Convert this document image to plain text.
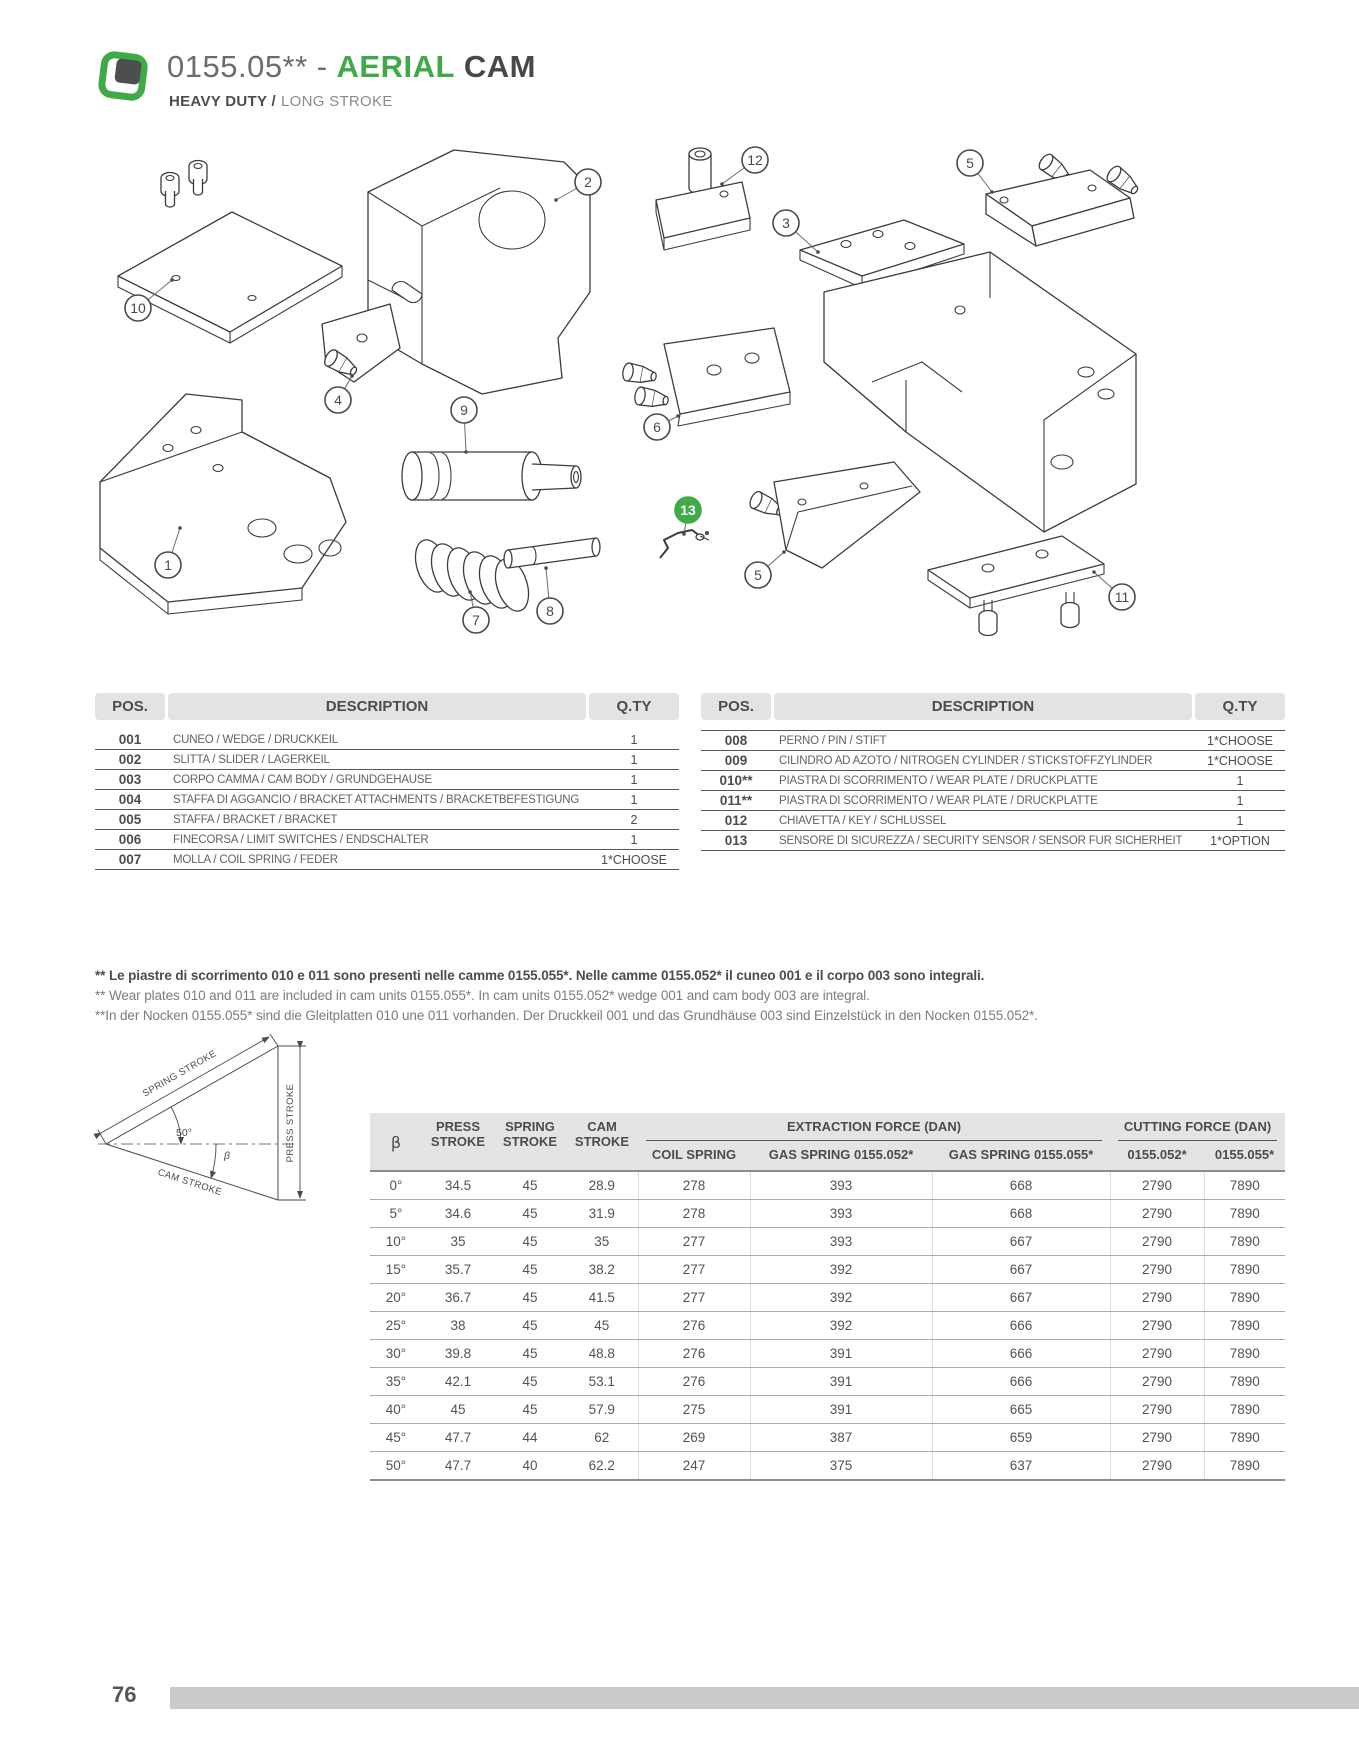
0155.05** - AERIAL CAM
HEAVY DUTY / LONG STROKE
10
1
4
2
9
7
8
12
3
5
6
13
5
11
POS.	DESCRIPTION	Q.TY
001	CUNEO / WEDGE / DRUCKKEIL	1
002	SLITTA / SLIDER / LAGERKEIL	1
003	CORPO CAMMA / CAM BODY / GRUNDGEHÄUSE	1
004	STAFFA DI AGGANCIO / BRACKET ATTACHMENTS / BRACKETBEFESTIGUNG	1
005	STAFFA / BRACKET / BRACKET	2
006	FINECORSA / LIMIT SWITCHES / ENDSCHALTER	1
007	MOLLA / COIL SPRING / FEDER	1*CHOOSE
POS.	DESCRIPTION	Q.TY
008	PERNO / PIN / STIFT	1*CHOOSE
009	CILINDRO AD AZOTO / NITROGEN CYLINDER / STICKSTOFFZYLINDER	1*CHOOSE
010**	PIASTRA DI SCORRIMENTO / WEAR PLATE / DRUCKPLATTE	1
011**	PIASTRA DI SCORRIMENTO / WEAR PLATE / DRUCKPLATTE	1
012	CHIAVETTA / KEY / SCHLÜSSEL	1
013	SENSORE DI SICUREZZA / SECURITY SENSOR / SENSOR FÜR SICHERHEIT	1*OPTION

** Le piastre di scorrimento 010 e 011 sono presenti nelle camme 0155.055*. Nelle camme 0155.052* il cuneo 001 e il corpo 003 sono integrali.

** Wear plates 010 and 011 are included in cam units 0155.055*. In cam units 0155.052* wedge 001 and cam body 003 are integral.

**In der Nocken 0155.055* sind die Gleitplatten 010 une 011 vorhanden. Der Druckkeil 001 und das Grundhäuse 003 sind Einzelstück in den Nocken 0155.052*.

SPRING STROKE
PRESS STROKE
CAM STROKE
50°
β
β	PRESS STROKE	SPRING STROKE	CAM STROKE	EXTRACTION FORCE (DAN)			CUTTING FORCE (DAN)	

				COIL SPRING	GAS SPRING 0155.052*	GAS SPRING 0155.055*	0155.052*	0155.055*
0°	34.5	45	28.9	278	393	668	2790	7890
5°	34.6	45	31.9	278	393	668	2790	7890
10°	35	45	35	277	393	667	2790	7890
15°	35.7	45	38.2	277	392	667	2790	7890
20°	36.7	45	41.5	277	392	667	2790	7890
25°	38	45	45	276	392	666	2790	7890
30°	39.8	45	48.8	276	391	666	2790	7890
35°	42.1	45	53.1	276	391	666	2790	7890
40°	45	45	57.9	275	391	665	2790	7890
45°	47.7	44	62	269	387	659	2790	7890
50°	47.7	40	62.2	247	375	637	2790	7890
76
